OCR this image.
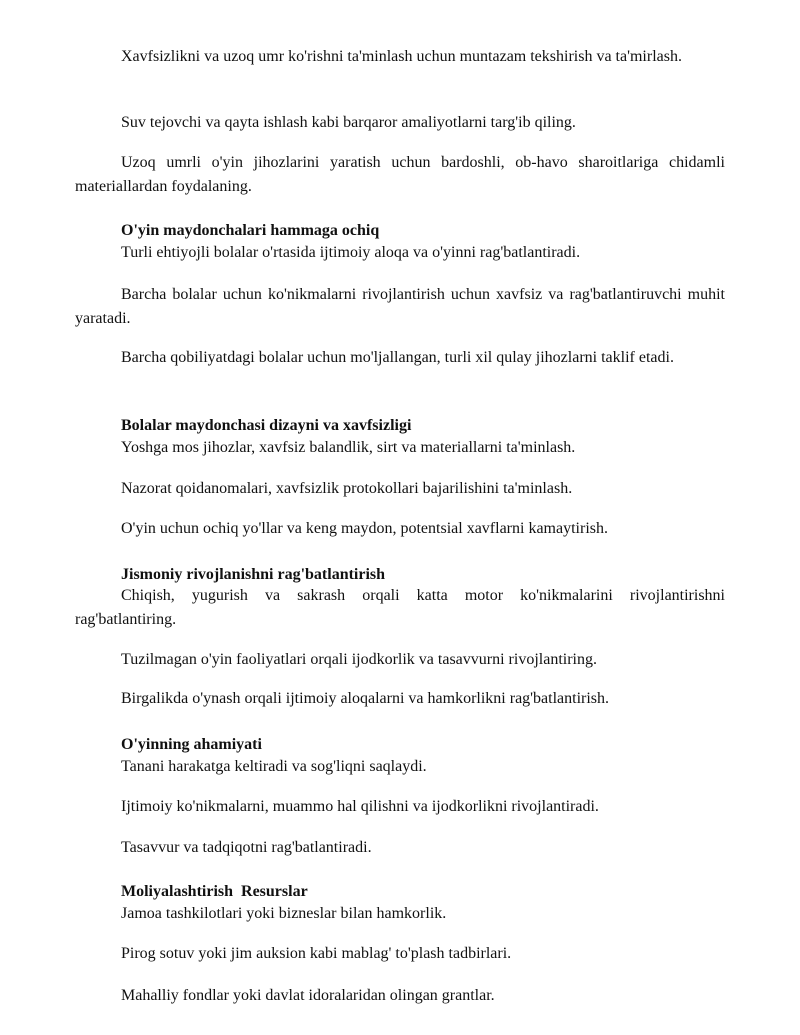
Xavfsizlikni va uzoq umr ko'rishni ta'minlash uchun muntazam tekshirish va ta'mirlash.

Suv tejovchi va qayta ishlash kabi barqaror amaliyotlarni targ'ib qiling.

Uzoq umrli o'yin jihozlarini yaratish uchun bardoshli, ob-havo sharoitlariga chidamli materiallardan foydalaning.

O'yin maydonchalari hammaga ochiq

Turli ehtiyojli bolalar o'rtasida ijtimoiy aloqa va o'yinni rag'batlantiradi.

Barcha bolalar uchun ko'nikmalarni rivojlantirish uchun xavfsiz va rag'batlantiruvchi muhit yaratadi.

Barcha qobiliyatdagi bolalar uchun mo'ljallangan, turli xil qulay jihozlarni taklif etadi.

Bolalar maydonchasi dizayni va xavfsizligi

Yoshga mos jihozlar, xavfsiz balandlik, sirt va materiallarni ta'minlash.

Nazorat qoidanomalari, xavfsizlik protokollari bajarilishini ta'minlash.

O'yin uchun ochiq yo'llar va keng maydon, potentsial xavflarni kamaytirish.

Jismoniy rivojlanishni rag'batlantirish

Chiqish, yugurish va sakrash orqali katta motor ko'nikmalarini rivojlantirishni rag'batlantiring.

Tuzilmagan o'yin faoliyatlari orqali ijodkorlik va tasavvurni rivojlantiring.

Birgalikda o'ynash orqali ijtimoiy aloqalarni va hamkorlikni rag'batlantirish.

O'yinning ahamiyati

Tanani harakatga keltiradi va sog'liqni saqlaydi.

Ijtimoiy ko'nikmalarni, muammo hal qilishni va ijodkorlikni rivojlantiradi.

Tasavvur va tadqiqotni rag'batlantiradi.

Moliyalashtirish  Resurslar

Jamoa tashkilotlari yoki bizneslar bilan hamkorlik.

Pirog sotuv yoki jim auksion kabi mablag' to'plash tadbirlari.

Mahalliy fondlar yoki davlat idoralaridan olingan grantlar.
